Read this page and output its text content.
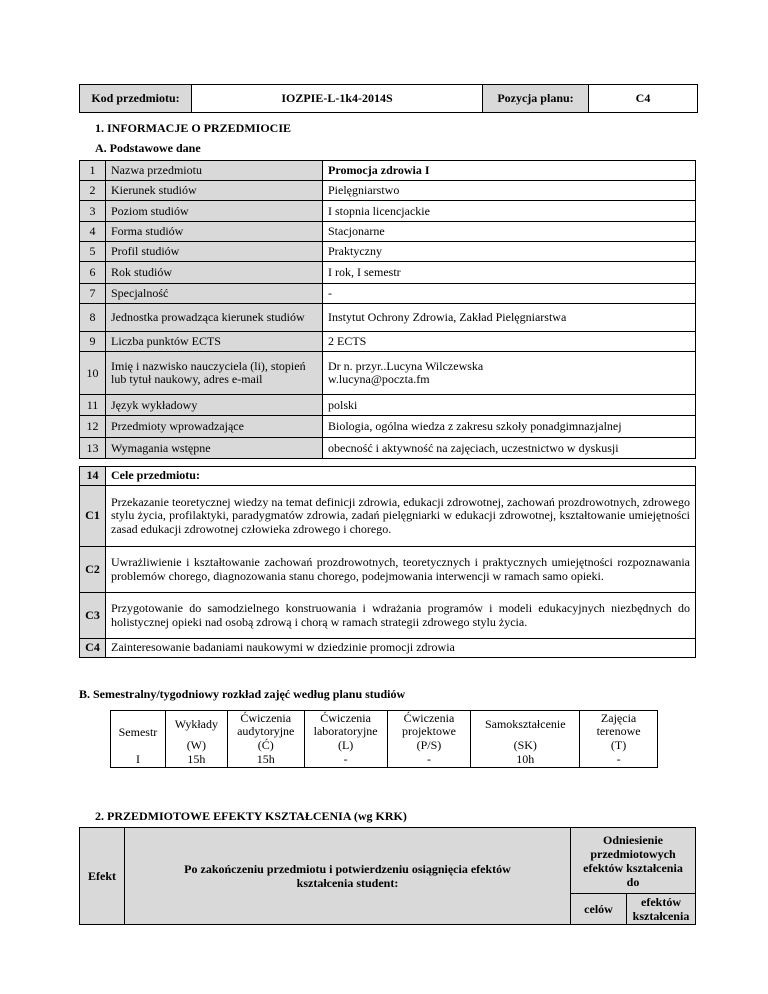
Kod przedmiotu:	IOZPIE-L-1k4-2014S	Pozycja planu:	C4
1. INFORMACJE O PRZEDMIOCIE
A. Podstawowe dane
1	Nazwa przedmiotu	Promocja zdrowia I
2	Kierunek studiów	Pielęgniarstwo
3	Poziom studiów	I stopnia licencjackie
4	Forma studiów	Stacjonarne
5	Profil studiów	Praktyczny
6	Rok studiów	I rok, I semestr
7	Specjalność	-
8	Jednostka prowadząca kierunek studiów	Instytut Ochrony Zdrowia, Zakład Pielęgniarstwa
9	Liczba punktów ECTS	2 ECTS
10	Imię i nazwisko nauczyciela (li), stopień lub tytuł naukowy, adres e-mail	Dr n. przyr..Lucyna Wilczewska
w.lucyna@poczta.fm

11	Język wykładowy	polski
12	Przedmioty wprowadzające	Biologia, ogólna wiedza z zakresu szkoły ponadgimnazjalnej
13	Wymagania wstępne	obecność i aktywność na zajęciach, uczestnictwo w dyskusji
14	Cele przedmiotu:
C1	Przekazanie teoretycznej wiedzy na temat definicji zdrowia, edukacji zdrowotnej, zachowań prozdrowotnych, zdrowego stylu życia, profilaktyki, paradygmatów zdrowia, zadań pielęgniarki w edukacji zdrowotnej, kształtowanie umiejętności zasad edukacji zdrowotnej człowieka zdrowego i chorego.
C2	Uwrażliwienie i kształtowanie zachowań prozdrowotnych, teoretycznych i praktycznych umiejętności rozpoznawania problemów chorego, diagnozowania stanu chorego, podejmowania interwencji w ramach samo opieki.
C3	Przygotowanie do samodzielnego konstruowania i wdrażania programów i modeli edukacyjnych niezbędnych do holistycznej opieki nad osobą zdrową i chorą w ramach strategii zdrowego stylu życia.
C4	Zainteresowanie badaniami naukowymi w dziedzinie promocji zdrowia
B. Semestralny/tygodniowy rozkład zajęć według planu studiów
Semestr	Wykłady	Ćwiczenia audytoryjne	Ćwiczenia laboratoryjne	Ćwiczenia projektowe	Samokształcenie	Zajęcia terenowe
	(W)	(Ć)	(L)	(P/S)	(SK)	(T)
I	15h	15h	-	-	10h	-
2. PRZEDMIOTOWE EFEKTY KSZTAŁCENIA (wg KRK)
Efekt	Po zakończeniu przedmiotu i potwierdzeniu osiągnięcia efektów kształcenia student:	Odniesienie przedmiotowych efektów kształcenia do	
		celów	efektów kształcenia
